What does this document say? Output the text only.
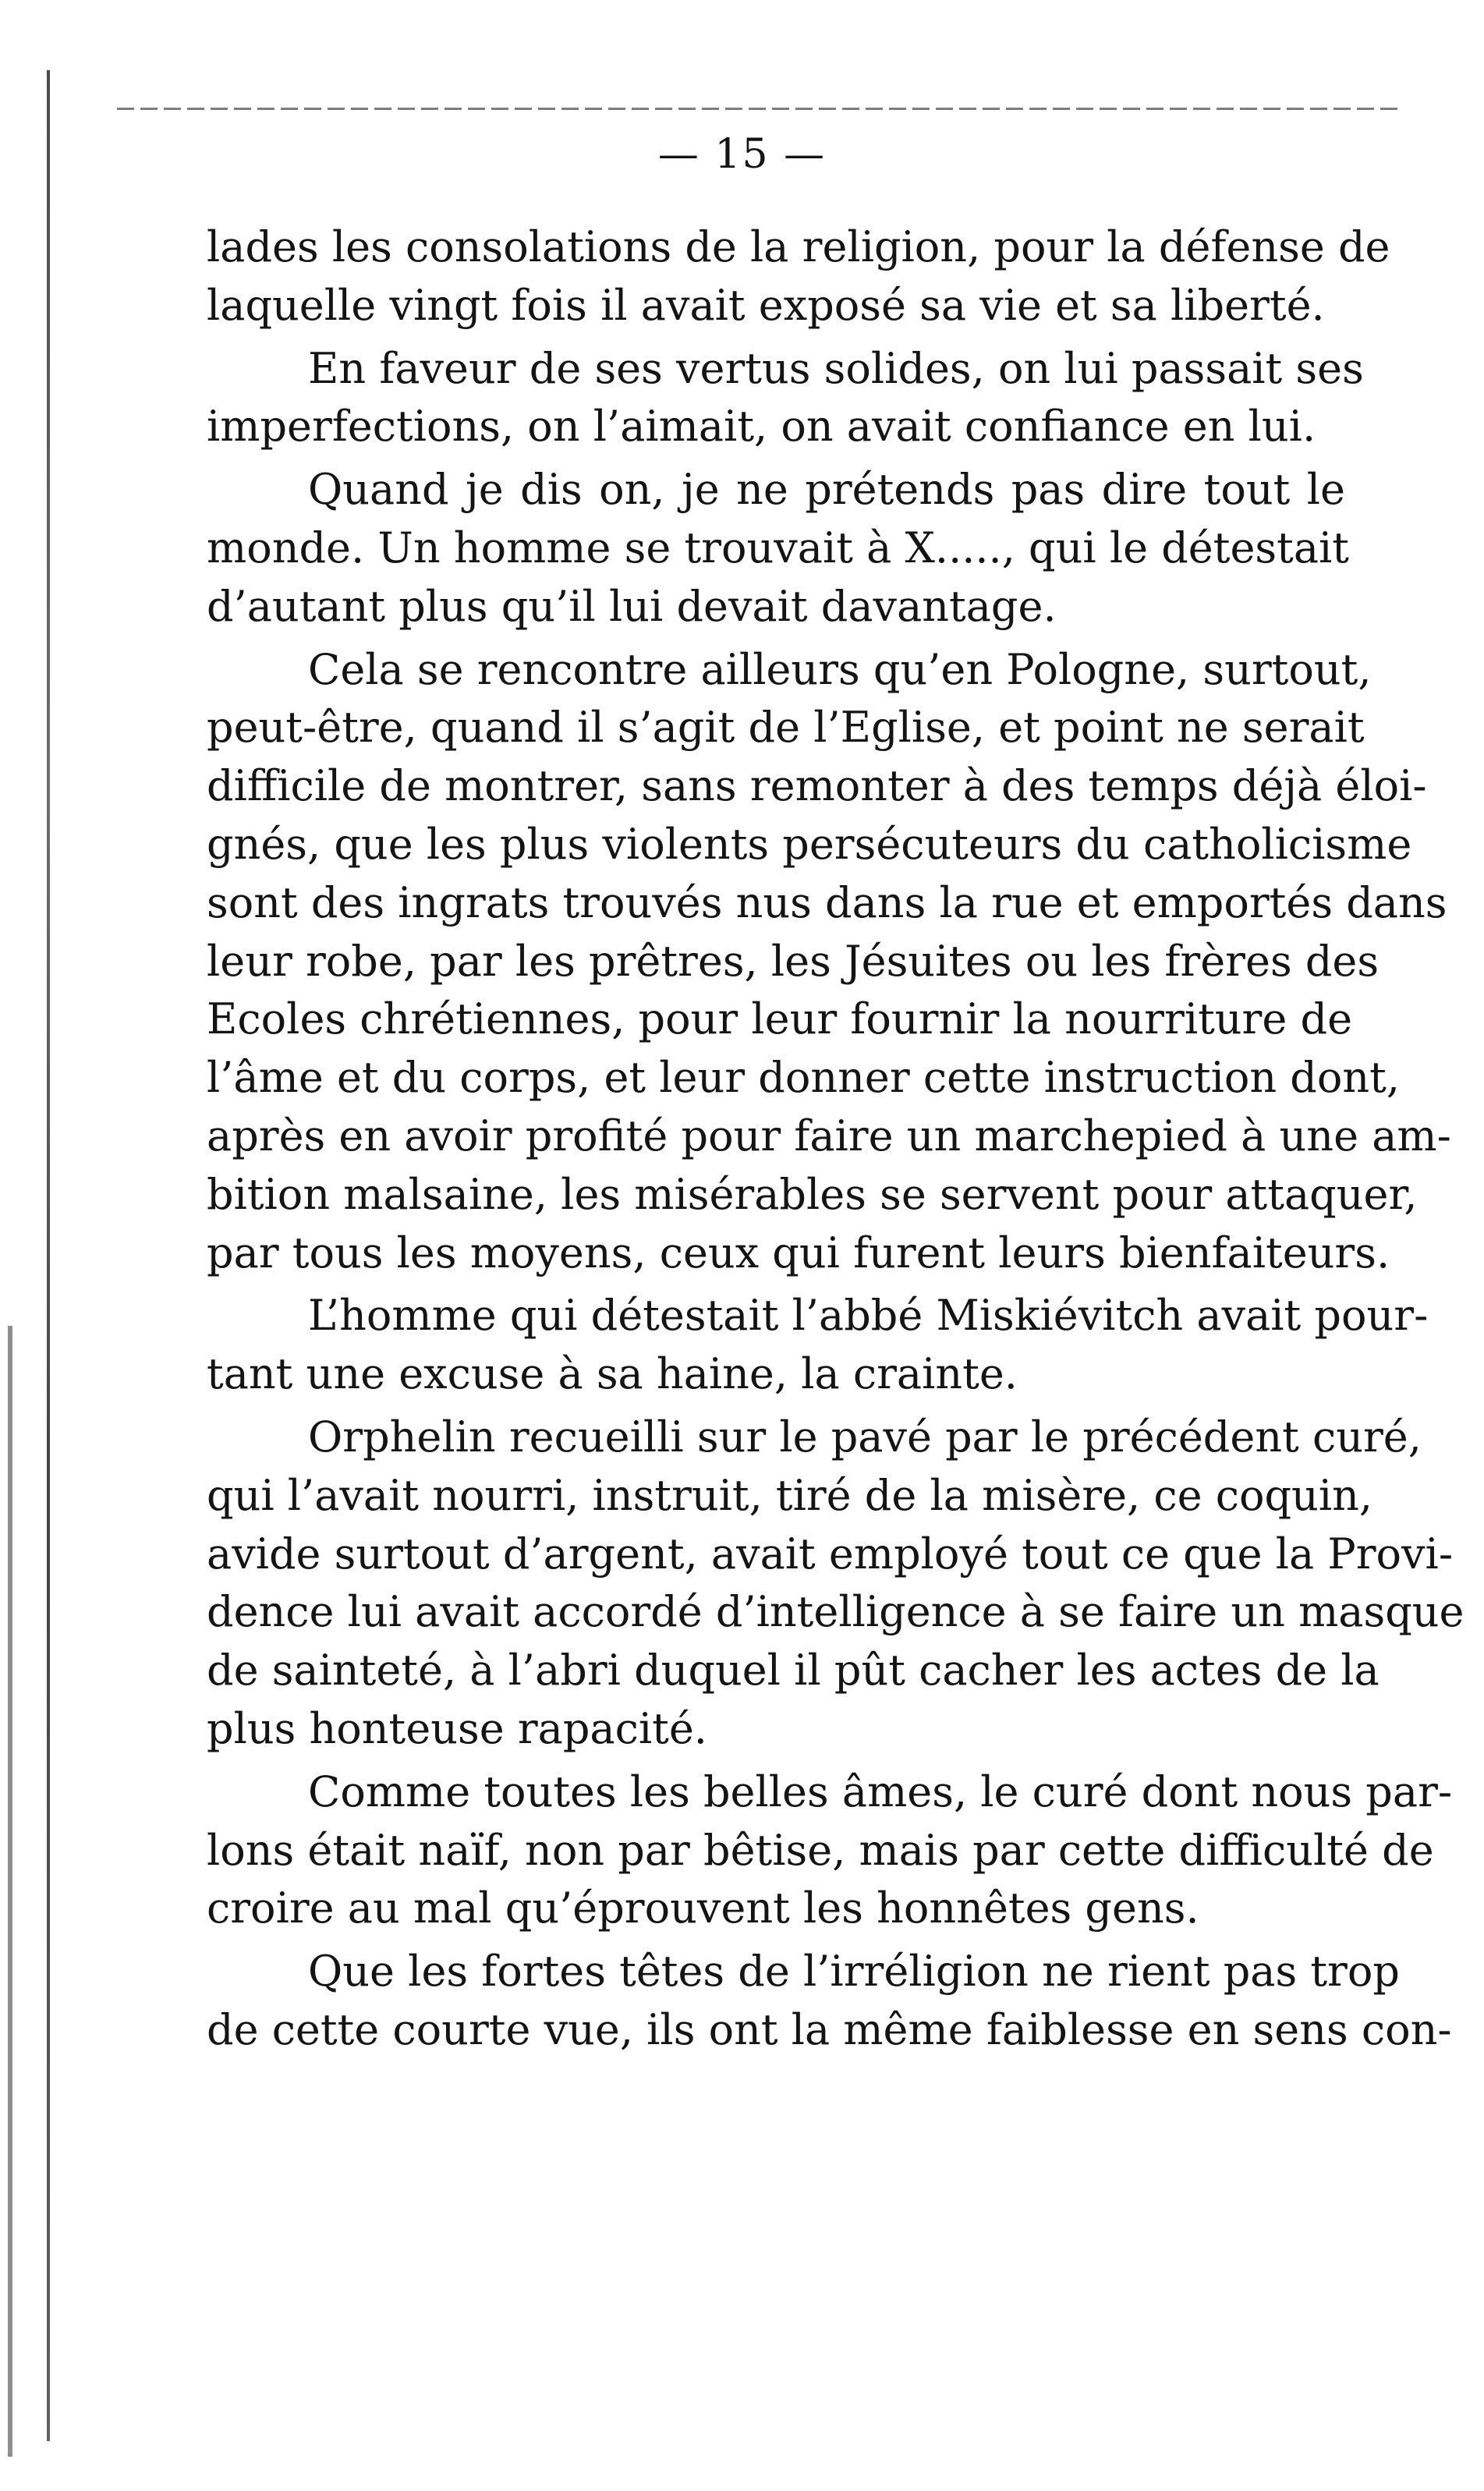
— 15 —
lades les consolations de la religion, pour la défense de
laquelle vingt fois il avait exposé sa vie et sa liberté.
En faveur de ses vertus solides, on lui passait ses
imperfections, on l’aimait, on avait confiance en lui.
Quand je dis on, je ne prétends pas dire tout le
monde. Un homme se trouvait à X....., qui le détestait
d’autant plus qu’il lui devait davantage.
Cela se rencontre ailleurs qu’en Pologne, surtout,
peut-être, quand il s’agit de l’Eglise, et point ne serait
difficile de montrer, sans remonter à des temps déjà éloi-
gnés, que les plus violents persécuteurs du catholicisme
sont des ingrats trouvés nus dans la rue et emportés dans
leur robe, par les prêtres, les Jésuites ou les frères des
Ecoles chrétiennes, pour leur fournir la nourriture de
l’âme et du corps, et leur donner cette instruction dont,
après en avoir profité pour faire un marchepied à une am-
bition malsaine, les misérables se servent pour attaquer,
par tous les moyens, ceux qui furent leurs bienfaiteurs.
L’homme qui détestait l’abbé Miskiévitch avait pour-
tant une excuse à sa haine, la crainte.
Orphelin recueilli sur le pavé par le précédent curé,
qui l’avait nourri, instruit, tiré de la misère, ce coquin,
avide surtout d’argent, avait employé tout ce que la Provi-
dence lui avait accordé d’intelligence à se faire un masque
de sainteté, à l’abri duquel il pût cacher les actes de la
plus honteuse rapacité.
Comme toutes les belles âmes, le curé dont nous par-
lons était naïf, non par bêtise, mais par cette difficulté de
croire au mal qu’éprouvent les honnêtes gens.
Que les fortes têtes de l’irréligion ne rient pas trop
de cette courte vue, ils ont la même faiblesse en sens con-
